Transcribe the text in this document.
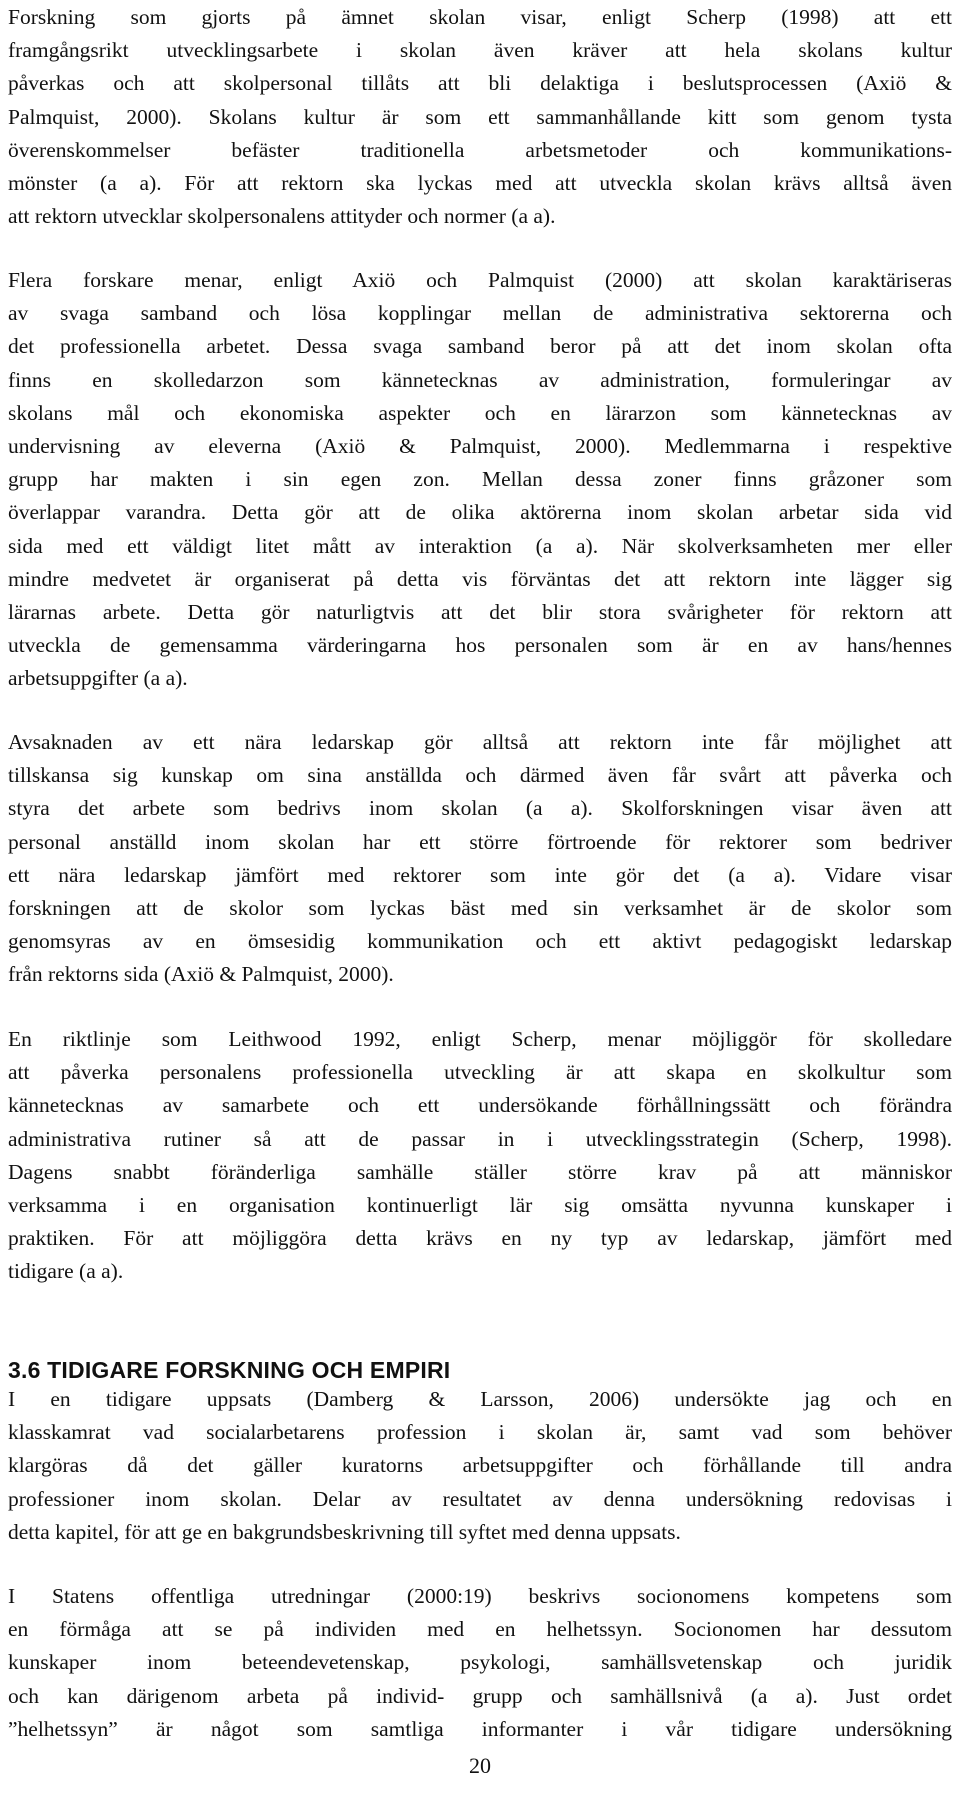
Forskning som gjorts på ämnet skolan visar, enligt Scherp (1998) att ett
framgångsrikt utvecklingsarbete i skolan även kräver att hela skolans kultur
påverkas och att skolpersonal tillåts att bli delaktiga i beslutsprocessen (Axiö &
Palmquist, 2000). Skolans kultur är som ett sammanhållande kitt som genom tysta
överenskommelser befäster traditionella arbetsmetoder och kommunikations-
mönster (a a). För att rektorn ska lyckas med att utveckla skolan krävs alltså även
att rektorn utvecklar skolpersonalens attityder och normer (a a).
Flera forskare menar, enligt Axiö och Palmquist (2000) att skolan karaktäriseras
av svaga samband och lösa kopplingar mellan de administrativa sektorerna och
det professionella arbetet. Dessa svaga samband beror på att det inom skolan ofta
finns en skolledarzon som kännetecknas av administration, formuleringar av
skolans mål och ekonomiska aspekter och en lärarzon som kännetecknas av
undervisning av eleverna (Axiö & Palmquist, 2000). Medlemmarna i respektive
grupp har makten i sin egen zon. Mellan dessa zoner finns gråzoner som
överlappar varandra. Detta gör att de olika aktörerna inom skolan arbetar sida vid
sida med ett väldigt litet mått av interaktion (a a). När skolverksamheten mer eller
mindre medvetet är organiserat på detta vis förväntas det att rektorn inte lägger sig
lärarnas arbete. Detta gör naturligtvis att det blir stora svårigheter för rektorn att
utveckla de gemensamma värderingarna hos personalen som är en av hans/hennes
arbetsuppgifter (a a).
Avsaknaden av ett nära ledarskap gör alltså att rektorn inte får möjlighet att
tillskansa sig kunskap om sina anställda och därmed även får svårt att påverka och
styra det arbete som bedrivs inom skolan (a a). Skolforskningen visar även att
personal anställd inom skolan har ett större förtroende för rektorer som bedriver
ett nära ledarskap jämfört med rektorer som inte gör det (a a). Vidare visar
forskningen att de skolor som lyckas bäst med sin verksamhet är de skolor som
genomsyras av en ömsesidig kommunikation och ett aktivt pedagogiskt ledarskap
från rektorns sida (Axiö & Palmquist, 2000).
En riktlinje som Leithwood 1992, enligt Scherp, menar möjliggör för skolledare
att påverka personalens professionella utveckling är att skapa en skolkultur som
kännetecknas av samarbete och ett undersökande förhållningssätt och förändra
administrativa rutiner så att de passar in i utvecklingsstrategin (Scherp, 1998).
Dagens snabbt föränderliga samhälle ställer större krav på att människor
verksamma i en organisation kontinuerligt lär sig omsätta nyvunna kunskaper i
praktiken. För att möjliggöra detta krävs en ny typ av ledarskap, jämfört med
tidigare (a a).
3.6 TIDIGARE FORSKNING OCH EMPIRI
I en tidigare uppsats (Damberg & Larsson, 2006) undersökte jag och en
klasskamrat vad socialarbetarens profession i skolan är, samt vad som behöver
klargöras då det gäller kuratorns arbetsuppgifter och förhållande till andra
professioner inom skolan. Delar av resultatet av denna undersökning redovisas i
detta kapitel, för att ge en bakgrundsbeskrivning till syftet med denna uppsats.
I Statens offentliga utredningar (2000:19) beskrivs socionomens kompetens som
en förmåga att se på individen med en helhetssyn. Socionomen har dessutom
kunskaper inom beteendevetenskap, psykologi, samhällsvetenskap och juridik
och kan därigenom arbeta på individ- grupp och samhällsnivå (a a). Just ordet
”helhetssyn” är något som samtliga informanter i vår tidigare undersökning
20
